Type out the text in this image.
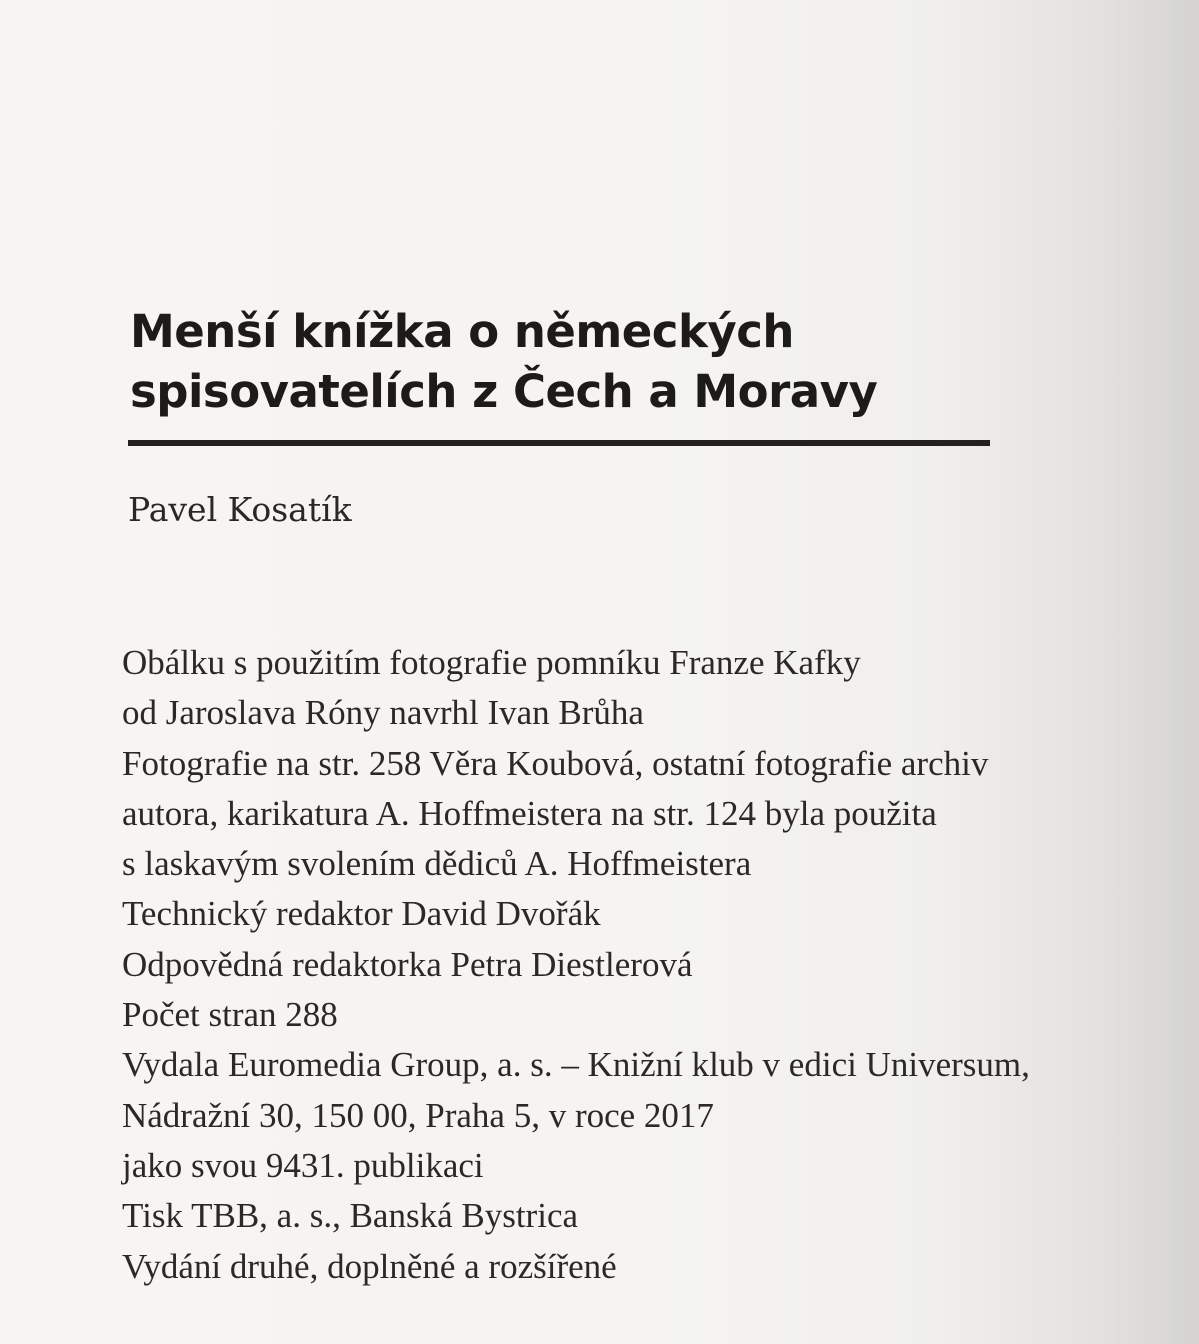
Menší knížka o německých
spisovatelích z Čech a Moravy
Pavel Kosatík
Obálku s použitím fotografie pomníku Franze Kafky
od Jaroslava Róny navrhl Ivan Brůha
Fotografie na str. 258 Věra Koubová, ostatní fotografie archiv
autora, karikatura A. Hoffmeistera na str. 124 byla použita
s laskavým svolením dědiců A. Hoffmeistera
Technický redaktor David Dvořák
Odpovědná redaktorka Petra Diestlerová
Počet stran 288
Vydala Euromedia Group, a. s. – Knižní klub v edici Universum,
Nádražní 30, 150 00, Praha 5, v roce 2017
jako svou 9431. publikaci
Tisk TBB, a. s., Banská Bystrica
Vydání druhé, doplněné a rozšířené
